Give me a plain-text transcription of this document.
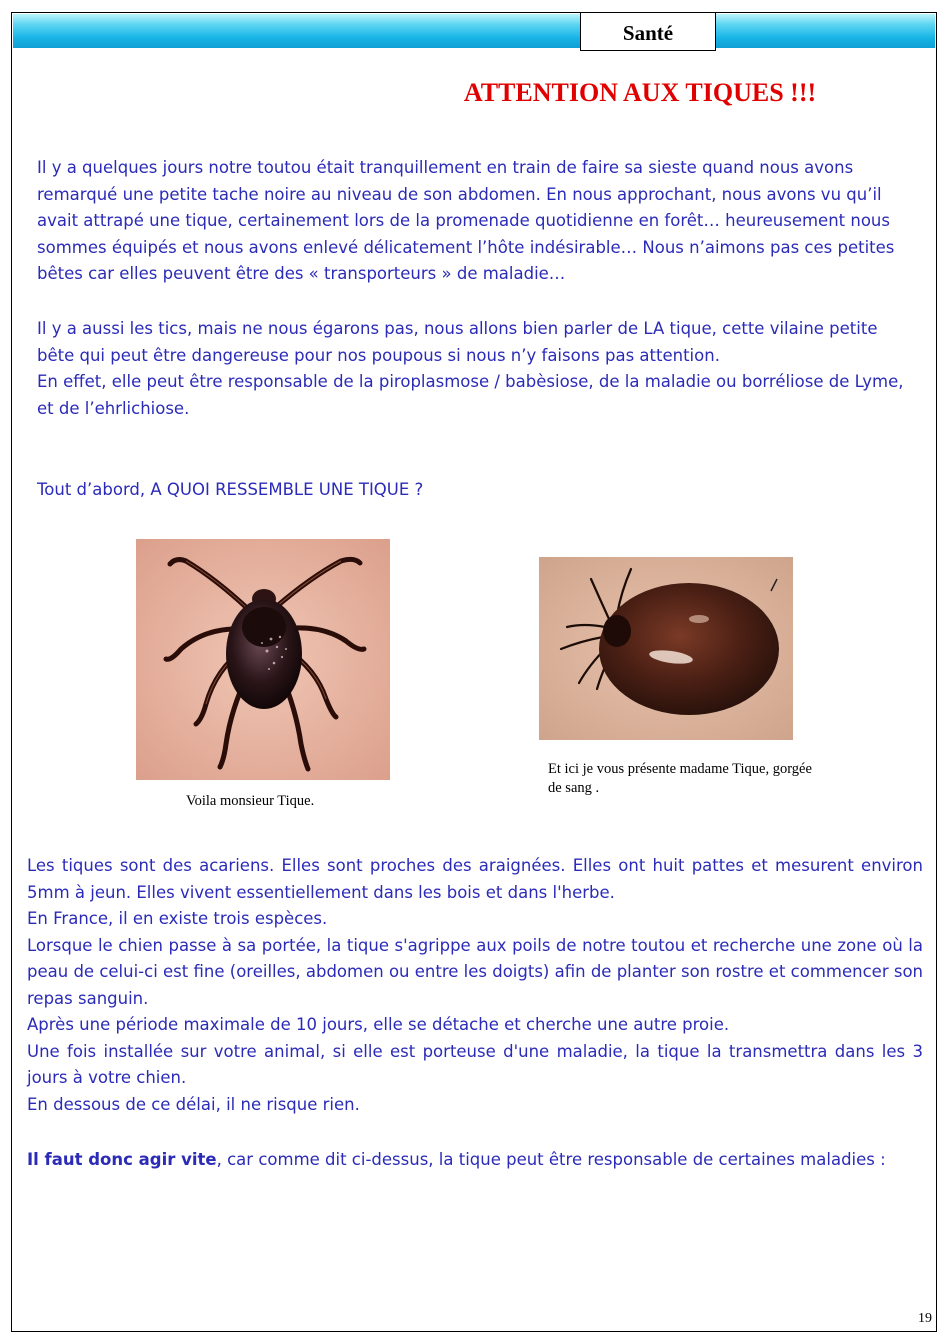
Santé
ATTENTION AUX TIQUES !!!

Il y a quelques jours notre toutou était tranquillement en train de faire sa sieste quand nous avons remarqué une petite tache noire au niveau de son abdomen. En nous approchant, nous avons vu qu’il avait attrapé une tique, certainement lors de la promenade quotidienne en forêt… heureusement nous sommes équipés et nous avons enlevé délicatement l’hôte indésirable… Nous n’aimons pas ces petites bêtes car elles peuvent être des « transporteurs » de maladie…

Il y a aussi les tics, mais ne nous égarons pas, nous allons bien parler de LA tique, cette vilaine petite bête qui peut être dangereuse pour nos poupous si nous n’y faisons pas attention.

En effet, elle peut être responsable de la piroplasmose / babèsiose, de la maladie ou borréliose de Lyme, et de l’ehrlichiose.

Tout d’abord, A QUOI RESSEMBLE UNE TIQUE ?

Voila monsieur Tique.

Et ici je vous présente madame Tique, gorgée de sang .

Les tiques sont des acariens. Elles sont proches des araignées. Elles ont huit pattes et mesurent environ 5mm à jeun. Elles vivent essentiellement dans les bois et dans l'herbe.

En France, il en existe trois espèces.

Lorsque le chien passe à sa portée, la tique s'agrippe aux poils de notre toutou et recherche une zone où la peau de celui-ci est fine (oreilles, abdomen ou entre les doigts) afin de planter son rostre et commencer son repas sanguin.

Après une période maximale de 10 jours, elle se détache et cherche une autre proie.

Une fois installée sur votre animal, si elle est porteuse d'une maladie, la tique la transmettra dans les 3 jours à votre chien.

En dessous de ce délai, il ne risque rien.

Il faut donc agir vite, car comme dit ci-dessus, la tique peut être responsable de certaines maladies :

19
